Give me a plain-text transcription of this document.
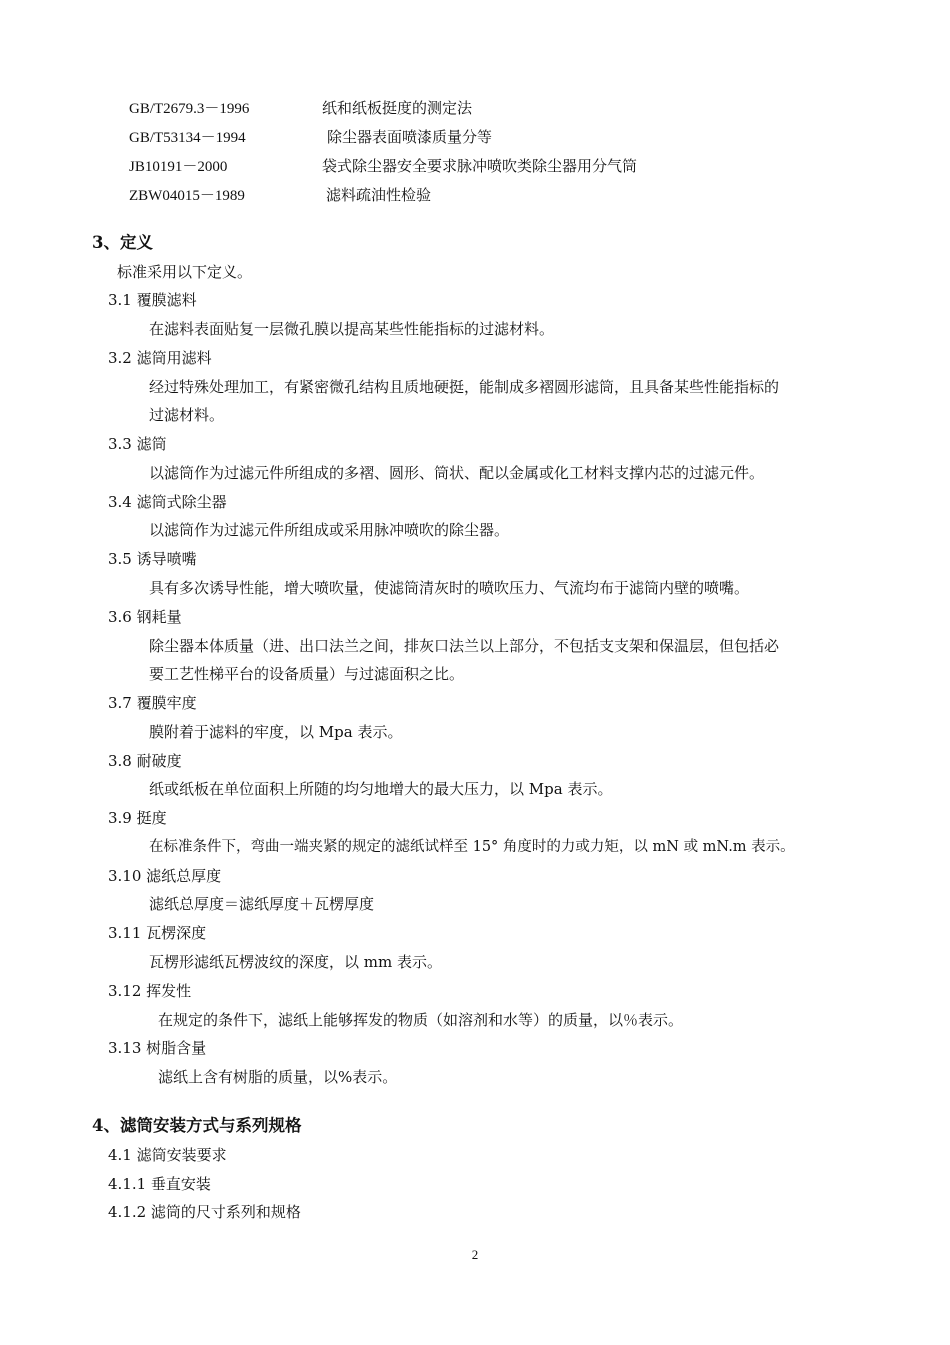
GB/T2679.3－1996	纸和纸板挺度的测定法
GB/T53134－1994	除尘器表面喷漆质量分等
JB10191－2000	袋式除尘器安全要求脉冲喷吹类除尘器用分气筒
ZBW04015－1989	滤料疏油性检验
3、定义
标准采用以下定义。
3.1 覆膜滤料
在滤料表面贴复一层微孔膜以提高某些性能指标的过滤材料。
3.2 滤筒用滤料
经过特殊处理加工，有紧密微孔结构且质地硬挺，能制成多褶圆形滤筒，且具备某些性能指标的
过滤材料。
3.3 滤筒
以滤筒作为过滤元件所组成的多褶、圆形、筒状、配以金属或化工材料支撑内芯的过滤元件。
3.4 滤筒式除尘器
以滤筒作为过滤元件所组成或采用脉冲喷吹的除尘器。
3.5 诱导喷嘴
具有多次诱导性能，增大喷吹量，使滤筒清灰时的喷吹压力、气流均布于滤筒内壁的喷嘴。
3.6 钢耗量
除尘器本体质量（进、出口法兰之间，排灰口法兰以上部分，不包括支支架和保温层，但包括必
要工艺性梯平台的设备质量）与过滤面积之比。
3.7 覆膜牢度
膜附着于滤料的牢度，以 Mpa 表示。
3.8 耐破度
纸或纸板在单位面积上所随的均匀地增大的最大压力，以 Mpa 表示。
3.9 挺度
在标准条件下，弯曲一端夹紧的规定的滤纸试样至 15° 角度时的力或力矩，以 mN 或 mN.m 表示。
3.10 滤纸总厚度
滤纸总厚度＝滤纸厚度＋瓦楞厚度
3.11 瓦楞深度
瓦楞形滤纸瓦楞波纹的深度，以 mm 表示。
3.12 挥发性
在规定的条件下，滤纸上能够挥发的物质（如溶剂和水等）的质量，以％表示。
3.13 树脂含量
滤纸上含有树脂的质量，以%表示。
4、滤筒安装方式与系列规格
4.1 滤筒安装要求
4.1.1 垂直安装
4.1.2 滤筒的尺寸系列和规格
2
